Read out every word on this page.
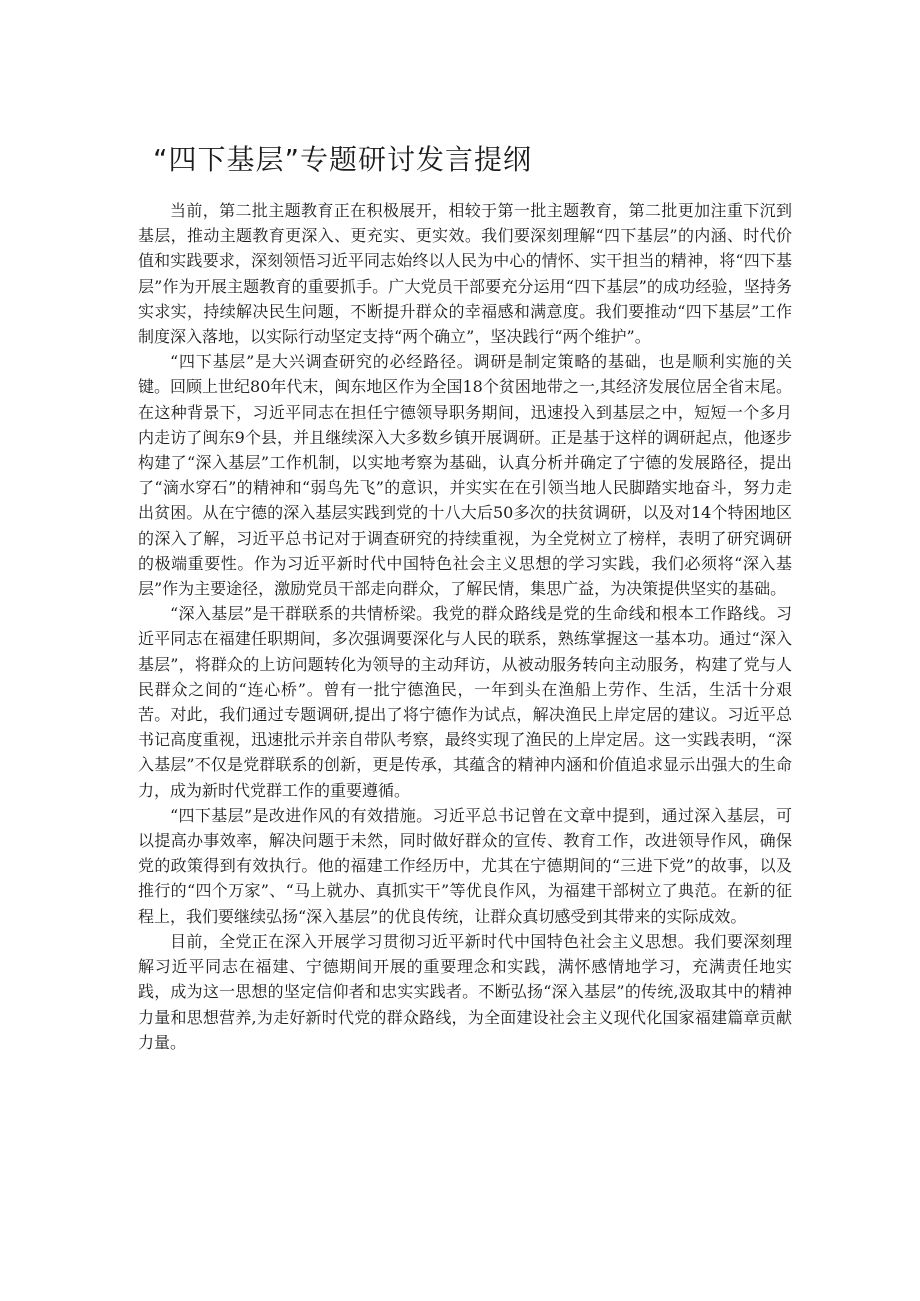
“四下基层”专题研讨发言提纲

当前，第二批主题教育正在积极展开，相较于第一批主题教育，第二批更加注重下沉到基层，推动主题教育更深入、更充实、更实效。我们要深刻理解“四下基层”的内涵、时代价值和实践要求，深刻领悟习近平同志始终以人民为中心的情怀、实干担当的精神，将“四下基层”作为开展主题教育的重要抓手。广大党员干部要充分运用“四下基层”的成功经验，坚持务实求实，持续解决民生问题，不断提升群众的幸福感和满意度。我们要推动“四下基层”工作制度深入落地，以实际行动坚定支持“两个确立”，坚决践行“两个维护”。

“四下基层”是大兴调查研究的必经路径。调研是制定策略的基础，也是顺利实施的关键。回顾上世纪80年代末，闽东地区作为全国18个贫困地带之一,其经济发展位居全省末尾。在这种背景下，习近平同志在担任宁德领导职务期间，迅速投入到基层之中，短短一个多月内走访了闽东9个县，并且继续深入大多数乡镇开展调研。正是基于这样的调研起点，他逐步构建了“深入基层”工作机制，以实地考察为基础，认真分析并确定了宁德的发展路径，提出了“滴水穿石”的精神和“弱鸟先飞”的意识，并实实在在引领当地人民脚踏实地奋斗，努力走出贫困。从在宁德的深入基层实践到党的十八大后50多次的扶贫调研，以及对14个特困地区的深入了解，习近平总书记对于调查研究的持续重视，为全党树立了榜样，表明了研究调研的极端重要性。作为习近平新时代中国特色社会主义思想的学习实践，我们必须将“深入基层”作为主要途径，激励党员干部走向群众，了解民情，集思广益，为决策提供坚实的基础。

“深入基层”是干群联系的共情桥梁。我党的群众路线是党的生命线和根本工作路线。习近平同志在福建任职期间，多次强调要深化与人民的联系，熟练掌握这一基本功。通过“深入基层”，将群众的上访问题转化为领导的主动拜访，从被动服务转向主动服务，构建了党与人民群众之间的“连心桥”。曾有一批宁德渔民，一年到头在渔船上劳作、生活，生活十分艰苦。对此，我们通过专题调研,提出了将宁德作为试点，解决渔民上岸定居的建议。习近平总书记高度重视，迅速批示并亲自带队考察，最终实现了渔民的上岸定居。这一实践表明，“深入基层”不仅是党群联系的创新，更是传承，其蕴含的精神内涵和价值追求显示出强大的生命力，成为新时代党群工作的重要遵循。

“四下基层”是改进作风的有效措施。习近平总书记曾在文章中提到，通过深入基层，可以提高办事效率，解决问题于未然，同时做好群众的宣传、教育工作，改进领导作风，确保党的政策得到有效执行。他的福建工作经历中，尤其在宁德期间的“三进下党”的故事，以及推行的“四个万家”、“马上就办、真抓实干”等优良作风，为福建干部树立了典范。在新的征程上，我们要继续弘扬“深入基层”的优良传统，让群众真切感受到其带来的实际成效。

目前，全党正在深入开展学习贯彻习近平新时代中国特色社会主义思想。我们要深刻理解习近平同志在福建、宁德期间开展的重要理念和实践，满怀感情地学习，充满责任地实践，成为这一思想的坚定信仰者和忠实实践者。不断弘扬“深入基层”的传统,汲取其中的精神力量和思想营养,为走好新时代党的群众路线，为全面建设社会主义现代化国家福建篇章贡献力量。
